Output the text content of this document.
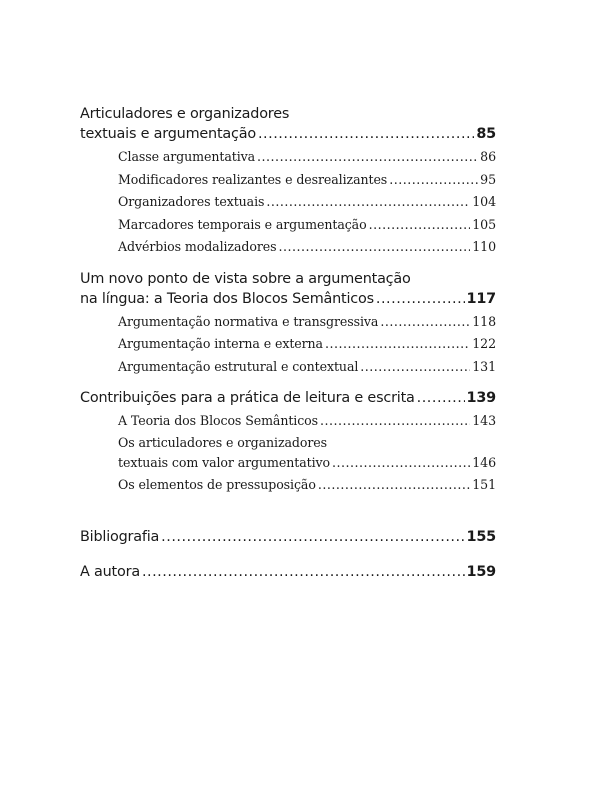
Articuladores e organizadores
textuais e argumentação .....	85
Classe argumentativa .....	86
Modificadores realizantes e desrealizantes .....	95
Organizadores textuais .....	104
Marcadores temporais e argumentação .....	105
Advérbios modalizadores .....	110
Um novo ponto de vista sobre a argumentação
na língua: a Teoria dos Blocos Semânticos .....	117
Argumentação normativa e transgressiva .....	118
Argumentação interna e externa .....	122
Argumentação estrutural e contextual .....	131
Contribuições para a prática de leitura e escrita .....	139
A Teoria dos Blocos Semânticos .....	143
Os articuladores e organizadores
textuais com valor argumentativo .....	146
Os elementos de pressuposição .....	151
Bibliografia .....	155
A autora .....	159
